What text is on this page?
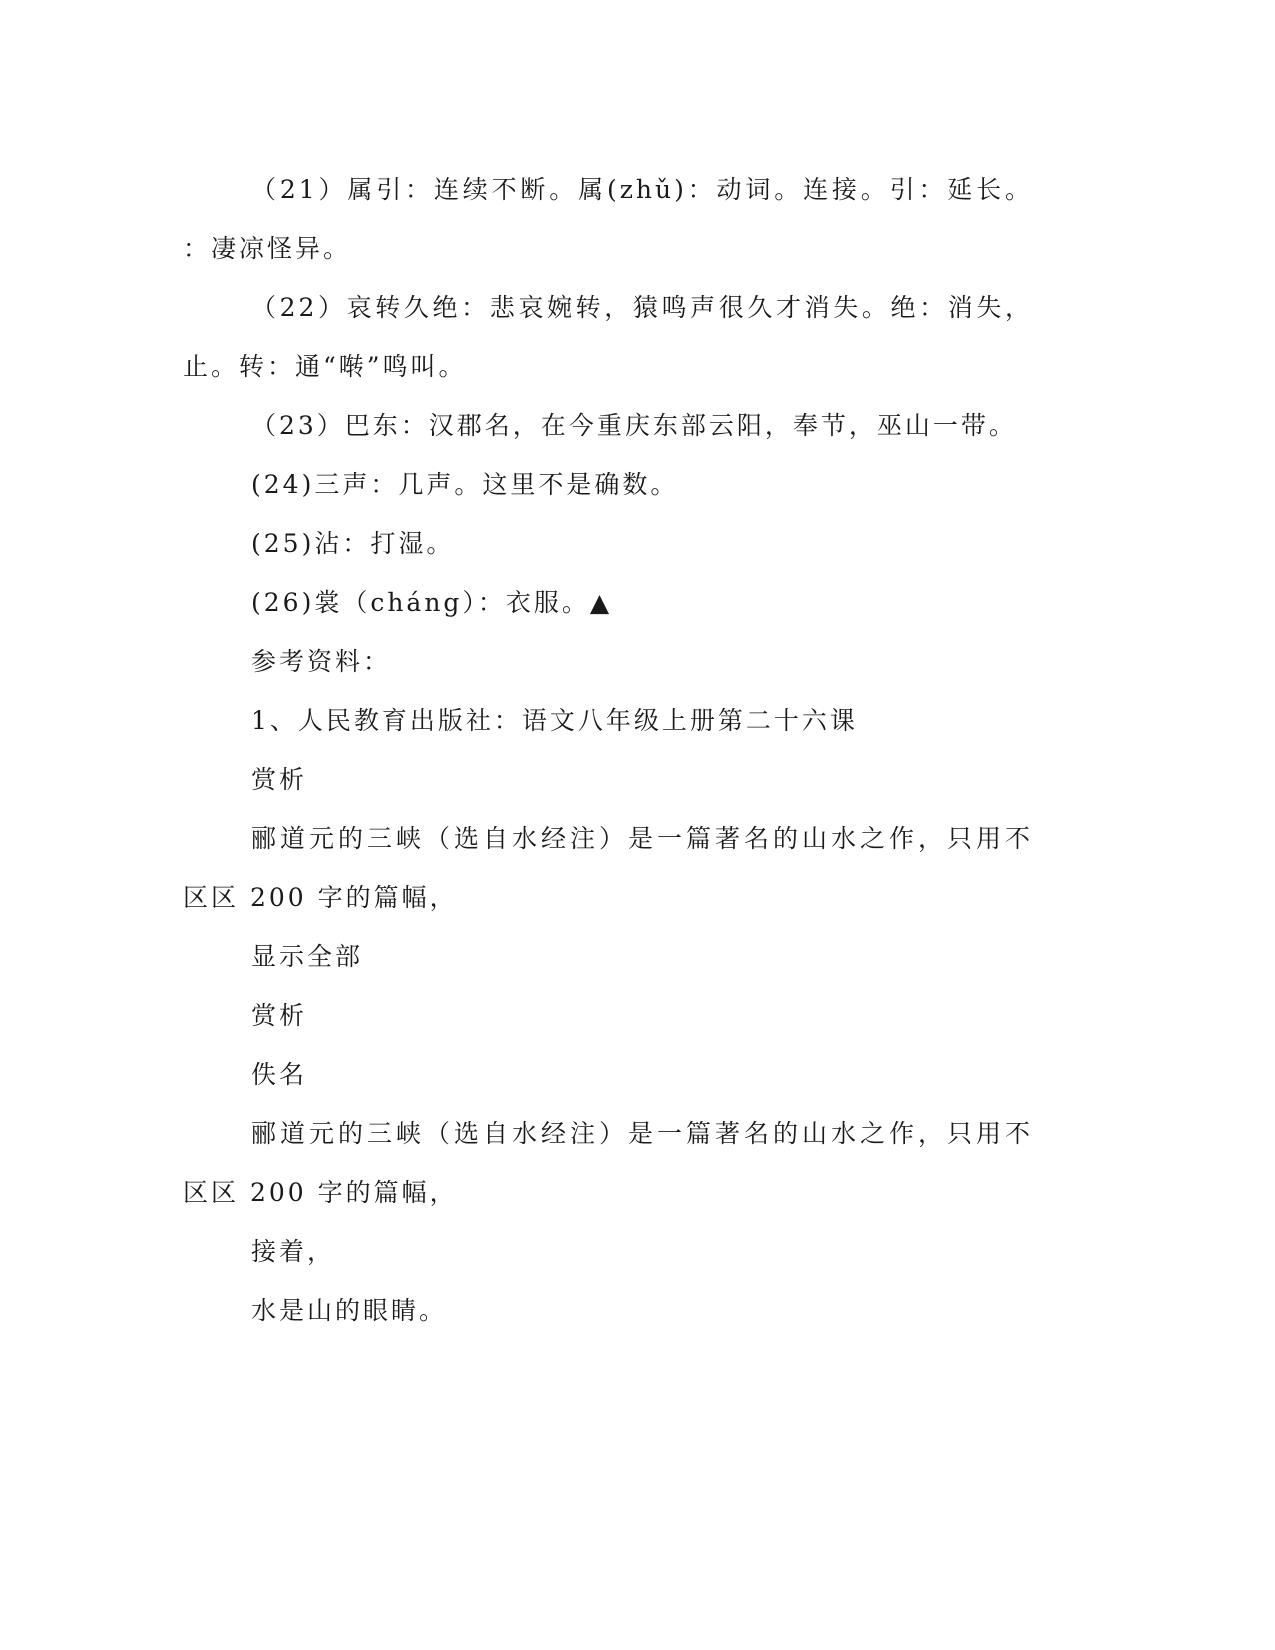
（21）属引：连续不断。属(zhǔ)：动词。连接。引：延长。
：凄凉怪异。
（22）哀转久绝：悲哀婉转，猿鸣声很久才消失。绝：消失，
止。转：通“啭”鸣叫。
（23）巴东：汉郡名，在今重庆东部云阳，奉节，巫山一带。
(24)三声：几声。这里不是确数。
(25)沾：打湿。
(26)裳（cháng）：衣服。▲
参考资料：
1、人民教育出版社：语文八年级上册第二十六课
赏析
郦道元的三峡（选自水经注）是一篇著名的山水之作，只用不
区区 200 字的篇幅，
显示全部
赏析
佚名
郦道元的三峡（选自水经注）是一篇著名的山水之作，只用不
区区 200 字的篇幅，
接着，
水是山的眼睛。
